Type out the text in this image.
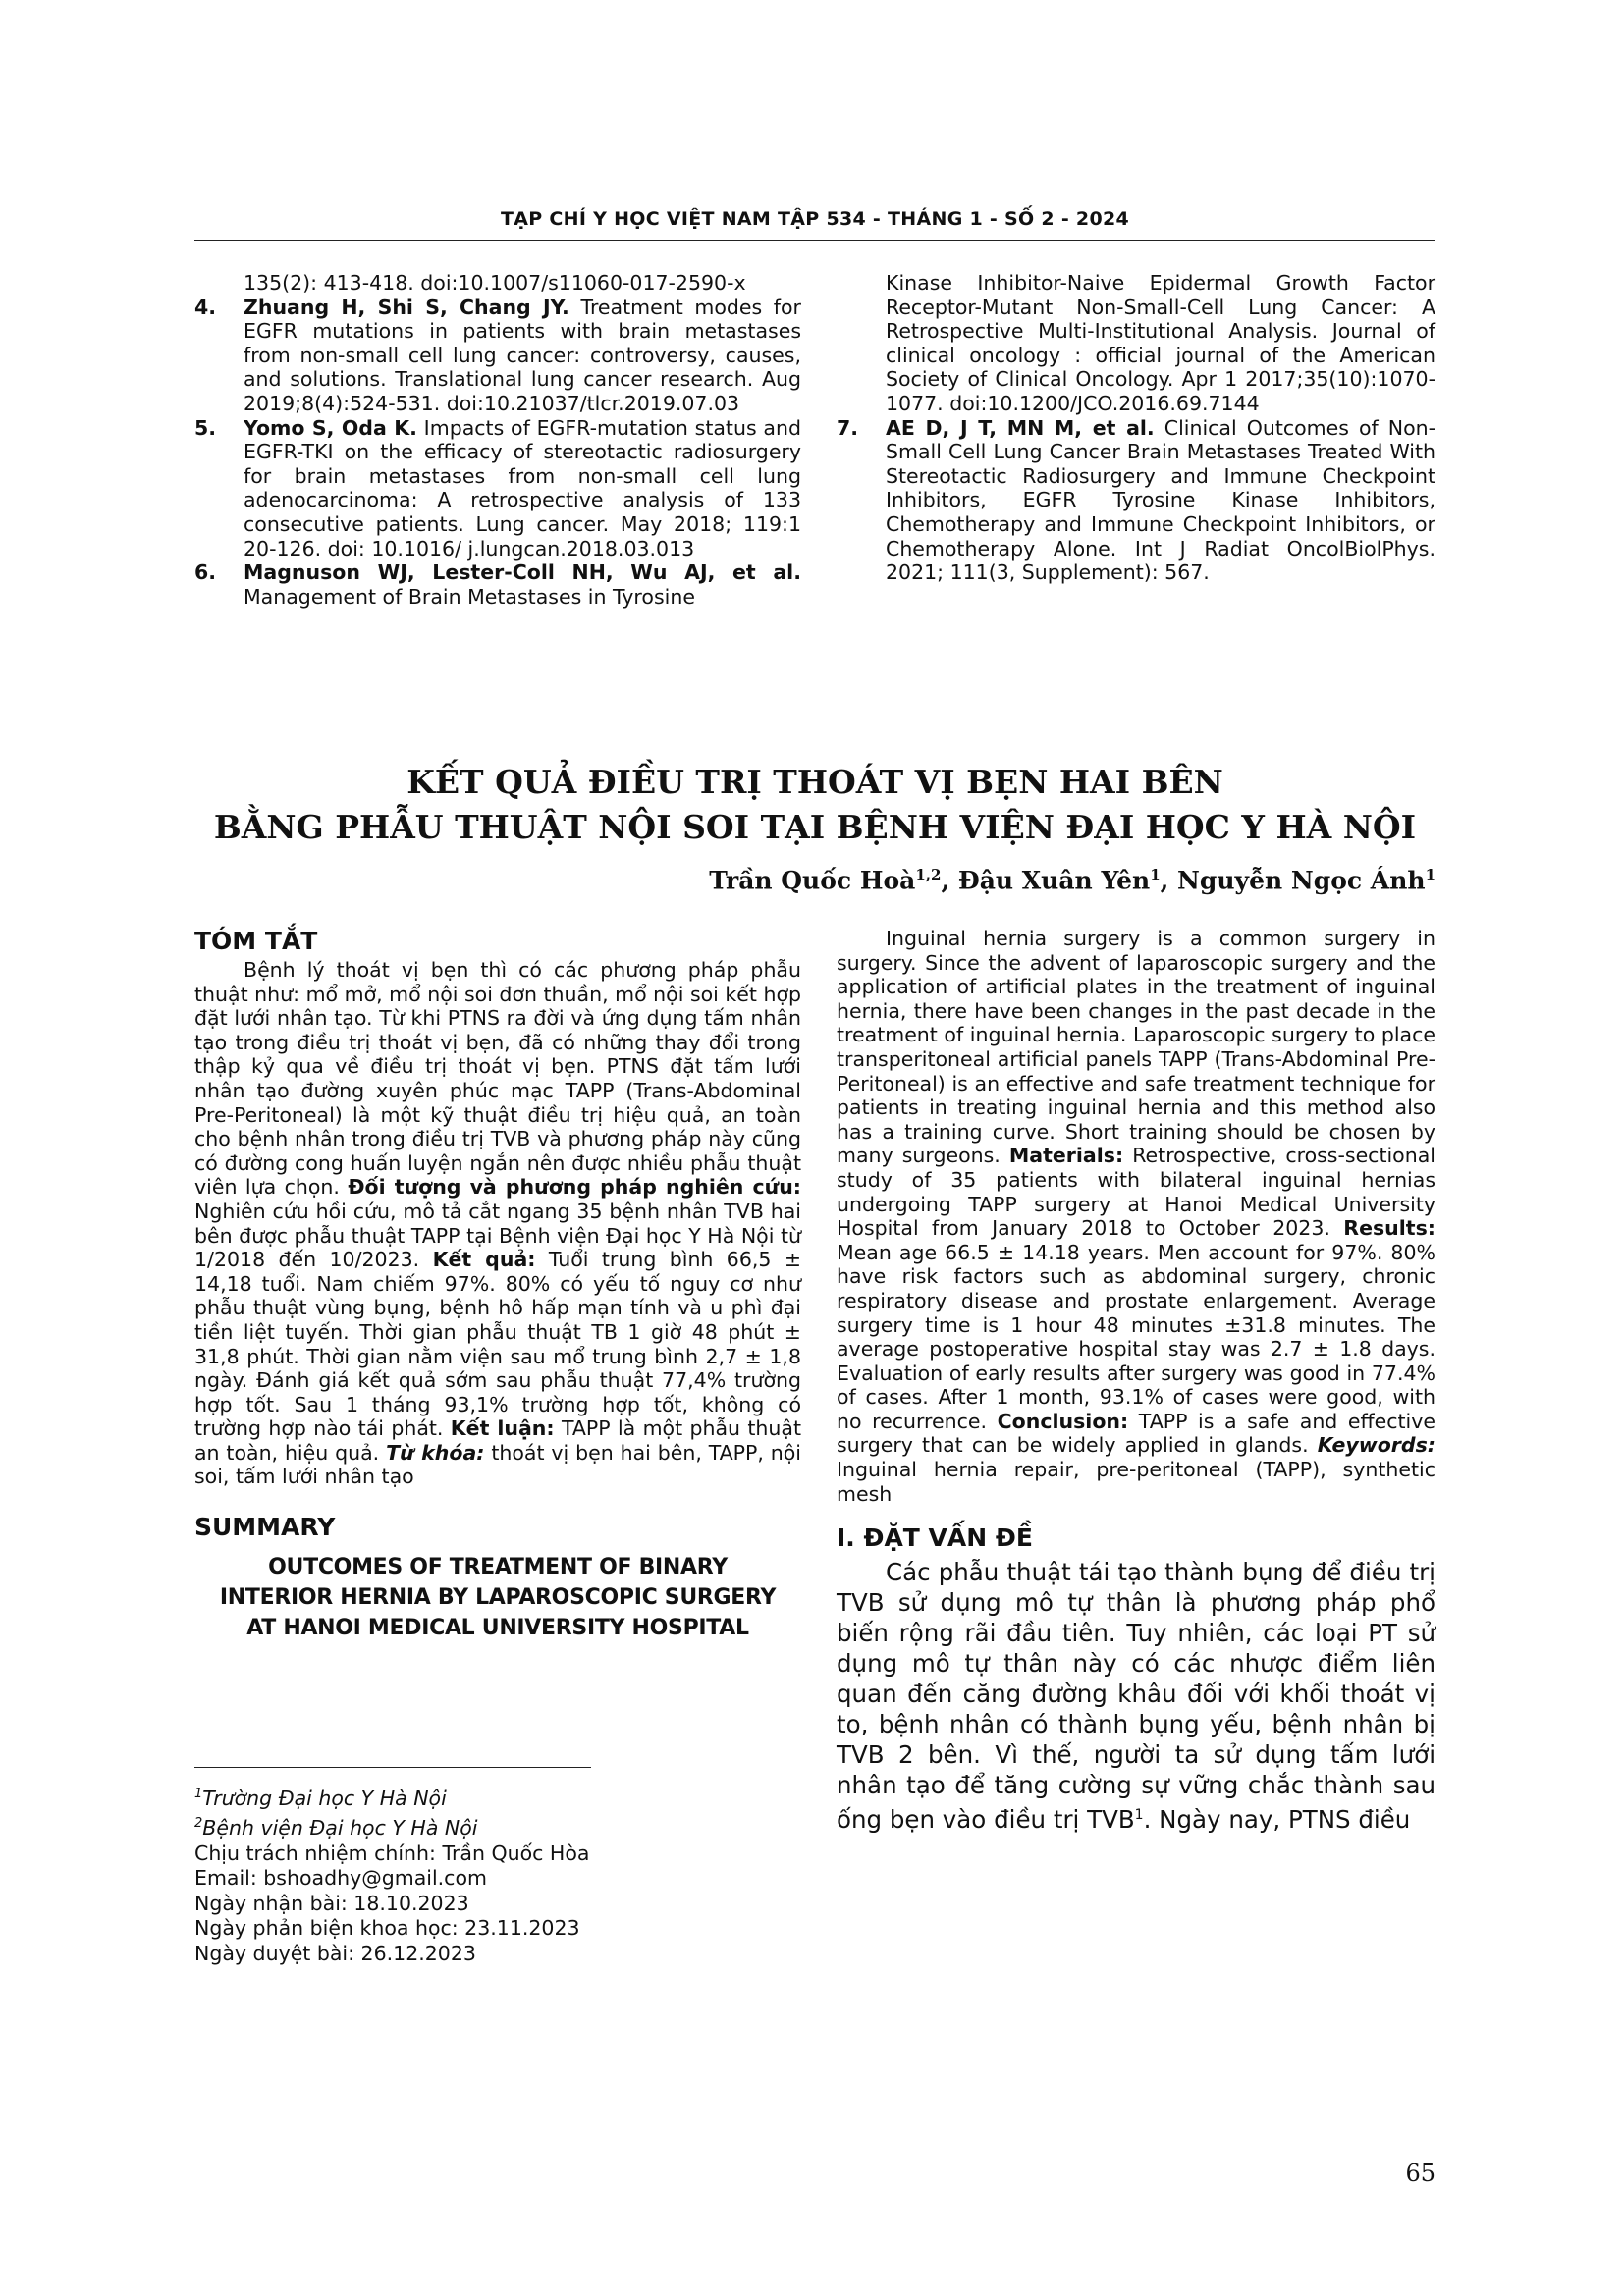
TẠP CHÍ Y HỌC VIỆT NAM TẬP 534 - THÁNG 1 - SỐ 2 - 2024
135(2): 413-418. doi:10.1007/s11060-017-2590-x
4.	Zhuang H, Shi S, Chang JY. Treatment modes for EGFR mutations in patients with brain metastases from non-small cell lung cancer: controversy, causes, and solutions. Translational lung cancer research. Aug 2019;8(4):524-531. doi:10.21037/tlcr.2019.07.03
5.	Yomo S, Oda K. Impacts of EGFR-mutation status and EGFR-TKI on the efficacy of stereotactic radiosurgery for brain metastases from non-small cell lung adenocarcinoma: A retrospective analysis of 133 consecutive patients. Lung cancer. May 2018; 119:1 20-126. doi: 10.1016/ j.lungcan.2018.03.013
6.	Magnuson WJ, Lester-Coll NH, Wu AJ, et al. Management of Brain Metastases in Tyrosine
Kinase Inhibitor-Naive Epidermal Growth Factor Receptor-Mutant Non-Small-Cell Lung Cancer: A Retrospective Multi-Institutional Analysis. Journal of clinical oncology : official journal of the American Society of Clinical Oncology. Apr 1 2017;35(10):1070-1077. doi:10.1200/JCO.2016.69.7144
7.	AE D, J T, MN M, et al. Clinical Outcomes of Non-Small Cell Lung Cancer Brain Metastases Treated With Stereotactic Radiosurgery and Immune Checkpoint Inhibitors, EGFR Tyrosine Kinase Inhibitors, Chemotherapy and Immune Checkpoint Inhibitors, or Chemotherapy Alone. Int J Radiat OncolBiolPhys. 2021; 111(3, Supplement): 567.
KẾT QUẢ ĐIỀU TRỊ THOÁT VỊ BẸN HAI BÊN
BẰNG PHẪU THUẬT NỘI SOI TẠI BỆNH VIỆN ĐẠI HỌC Y HÀ NỘI
Trần Quốc Hoà$^{1,2}$, Đậu Xuân Yên$^1$, Nguyễn Ngọc Ánh$^1$
TÓM TẮT

Bệnh lý thoát vị bẹn thì có các phương pháp phẫu thuật như: mổ mở, mổ nội soi đơn thuần, mổ nội soi kết hợp đặt lưới nhân tạo. Từ khi PTNS ra đời và ứng dụng tấm nhân tạo trong điều trị thoát vị bẹn, đã có những thay đổi trong thập kỷ qua về điều trị thoát vị bẹn. PTNS đặt tấm lưới nhân tạo đường xuyên phúc mạc TAPP (Trans-Abdominal Pre-Peritoneal) là một kỹ thuật điều trị hiệu quả, an toàn cho bệnh nhân trong điều trị TVB và phương pháp này cũng có đường cong huấn luyện ngắn nên được nhiều phẫu thuật viên lựa chọn. Đối tượng và phương pháp nghiên cứu: Nghiên cứu hồi cứu, mô tả cắt ngang 35 bệnh nhân TVB hai bên được phẫu thuật TAPP tại Bệnh viện Đại học Y Hà Nội từ 1/2018 đến 10/2023. Kết quả: Tuổi trung bình 66,5 ± 14,18 tuổi. Nam chiếm 97%. 80% có yếu tố nguy cơ như phẫu thuật vùng bụng, bệnh hô hấp mạn tính và u phì đại tiền liệt tuyến. Thời gian phẫu thuật TB 1 giờ 48 phút ± 31,8 phút. Thời gian nằm viện sau mổ trung bình 2,7 ± 1,8 ngày. Đánh giá kết quả sớm sau phẫu thuật 77,4% trường hợp tốt. Sau 1 tháng 93,1% trường hợp tốt, không có trường hợp nào tái phát. Kết luận: TAPP là một phẫu thuật an toàn, hiệu quả. Từ khóa: thoát vị bẹn hai bên, TAPP, nội soi, tấm lưới nhân tạo

SUMMARY
OUTCOMES OF TREATMENT OF BINARY
INTERIOR HERNIA BY LAPAROSCOPIC SURGERY
AT HANOI MEDICAL UNIVERSITY HOSPITAL

Inguinal hernia surgery is a common surgery in surgery. Since the advent of laparoscopic surgery and the application of artificial plates in the treatment of inguinal hernia, there have been changes in the past decade in the treatment of inguinal hernia. Laparoscopic surgery to place transperitoneal artificial panels TAPP (Trans-Abdominal Pre-Peritoneal) is an effective and safe treatment technique for patients in treating inguinal hernia and this method also has a training curve. Short training should be chosen by many surgeons. Materials: Retrospective, cross-sectional study of 35 patients with bilateral inguinal hernias undergoing TAPP surgery at Hanoi Medical University Hospital from January 2018 to October 2023. Results: Mean age 66.5 ± 14.18 years. Men account for 97%. 80% have risk factors such as abdominal surgery, chronic respiratory disease and prostate enlargement. Average surgery time is 1 hour 48 minutes ±31.8 minutes. The average postoperative hospital stay was 2.7 ± 1.8 days. Evaluation of early results after surgery was good in 77.4% of cases. After 1 month, 93.1% of cases were good, with no recurrence. Conclusion: TAPP is a safe and effective surgery that can be widely applied in glands. Keywords: Inguinal hernia repair, pre-peritoneal (TAPP), synthetic mesh

I. ĐẶT VẤN ĐỀ

Các phẫu thuật tái tạo thành bụng để điều trị TVB sử dụng mô tự thân là phương pháp phổ biến rộng rãi đầu tiên. Tuy nhiên, các loại PT sử dụng mô tự thân này có các nhược điểm liên quan đến căng đường khâu đối với khối thoát vị to, bệnh nhân có thành bụng yếu, bệnh nhân bị TVB 2 bên. Vì thế, người ta sử dụng tấm lưới nhân tạo để tăng cường sự vững chắc thành sau ống bẹn vào điều trị TVB$^1$. Ngày nay, PTNS điều

$^1$Trường Đại học Y Hà Nội
$^2$Bệnh viện Đại học Y Hà Nội
Chịu trách nhiệm chính: Trần Quốc Hòa
Email: bshoadhy@gmail.com
Ngày nhận bài: 18.10.2023
Ngày phản biện khoa học: 23.11.2023
Ngày duyệt bài: 26.12.2023
65
